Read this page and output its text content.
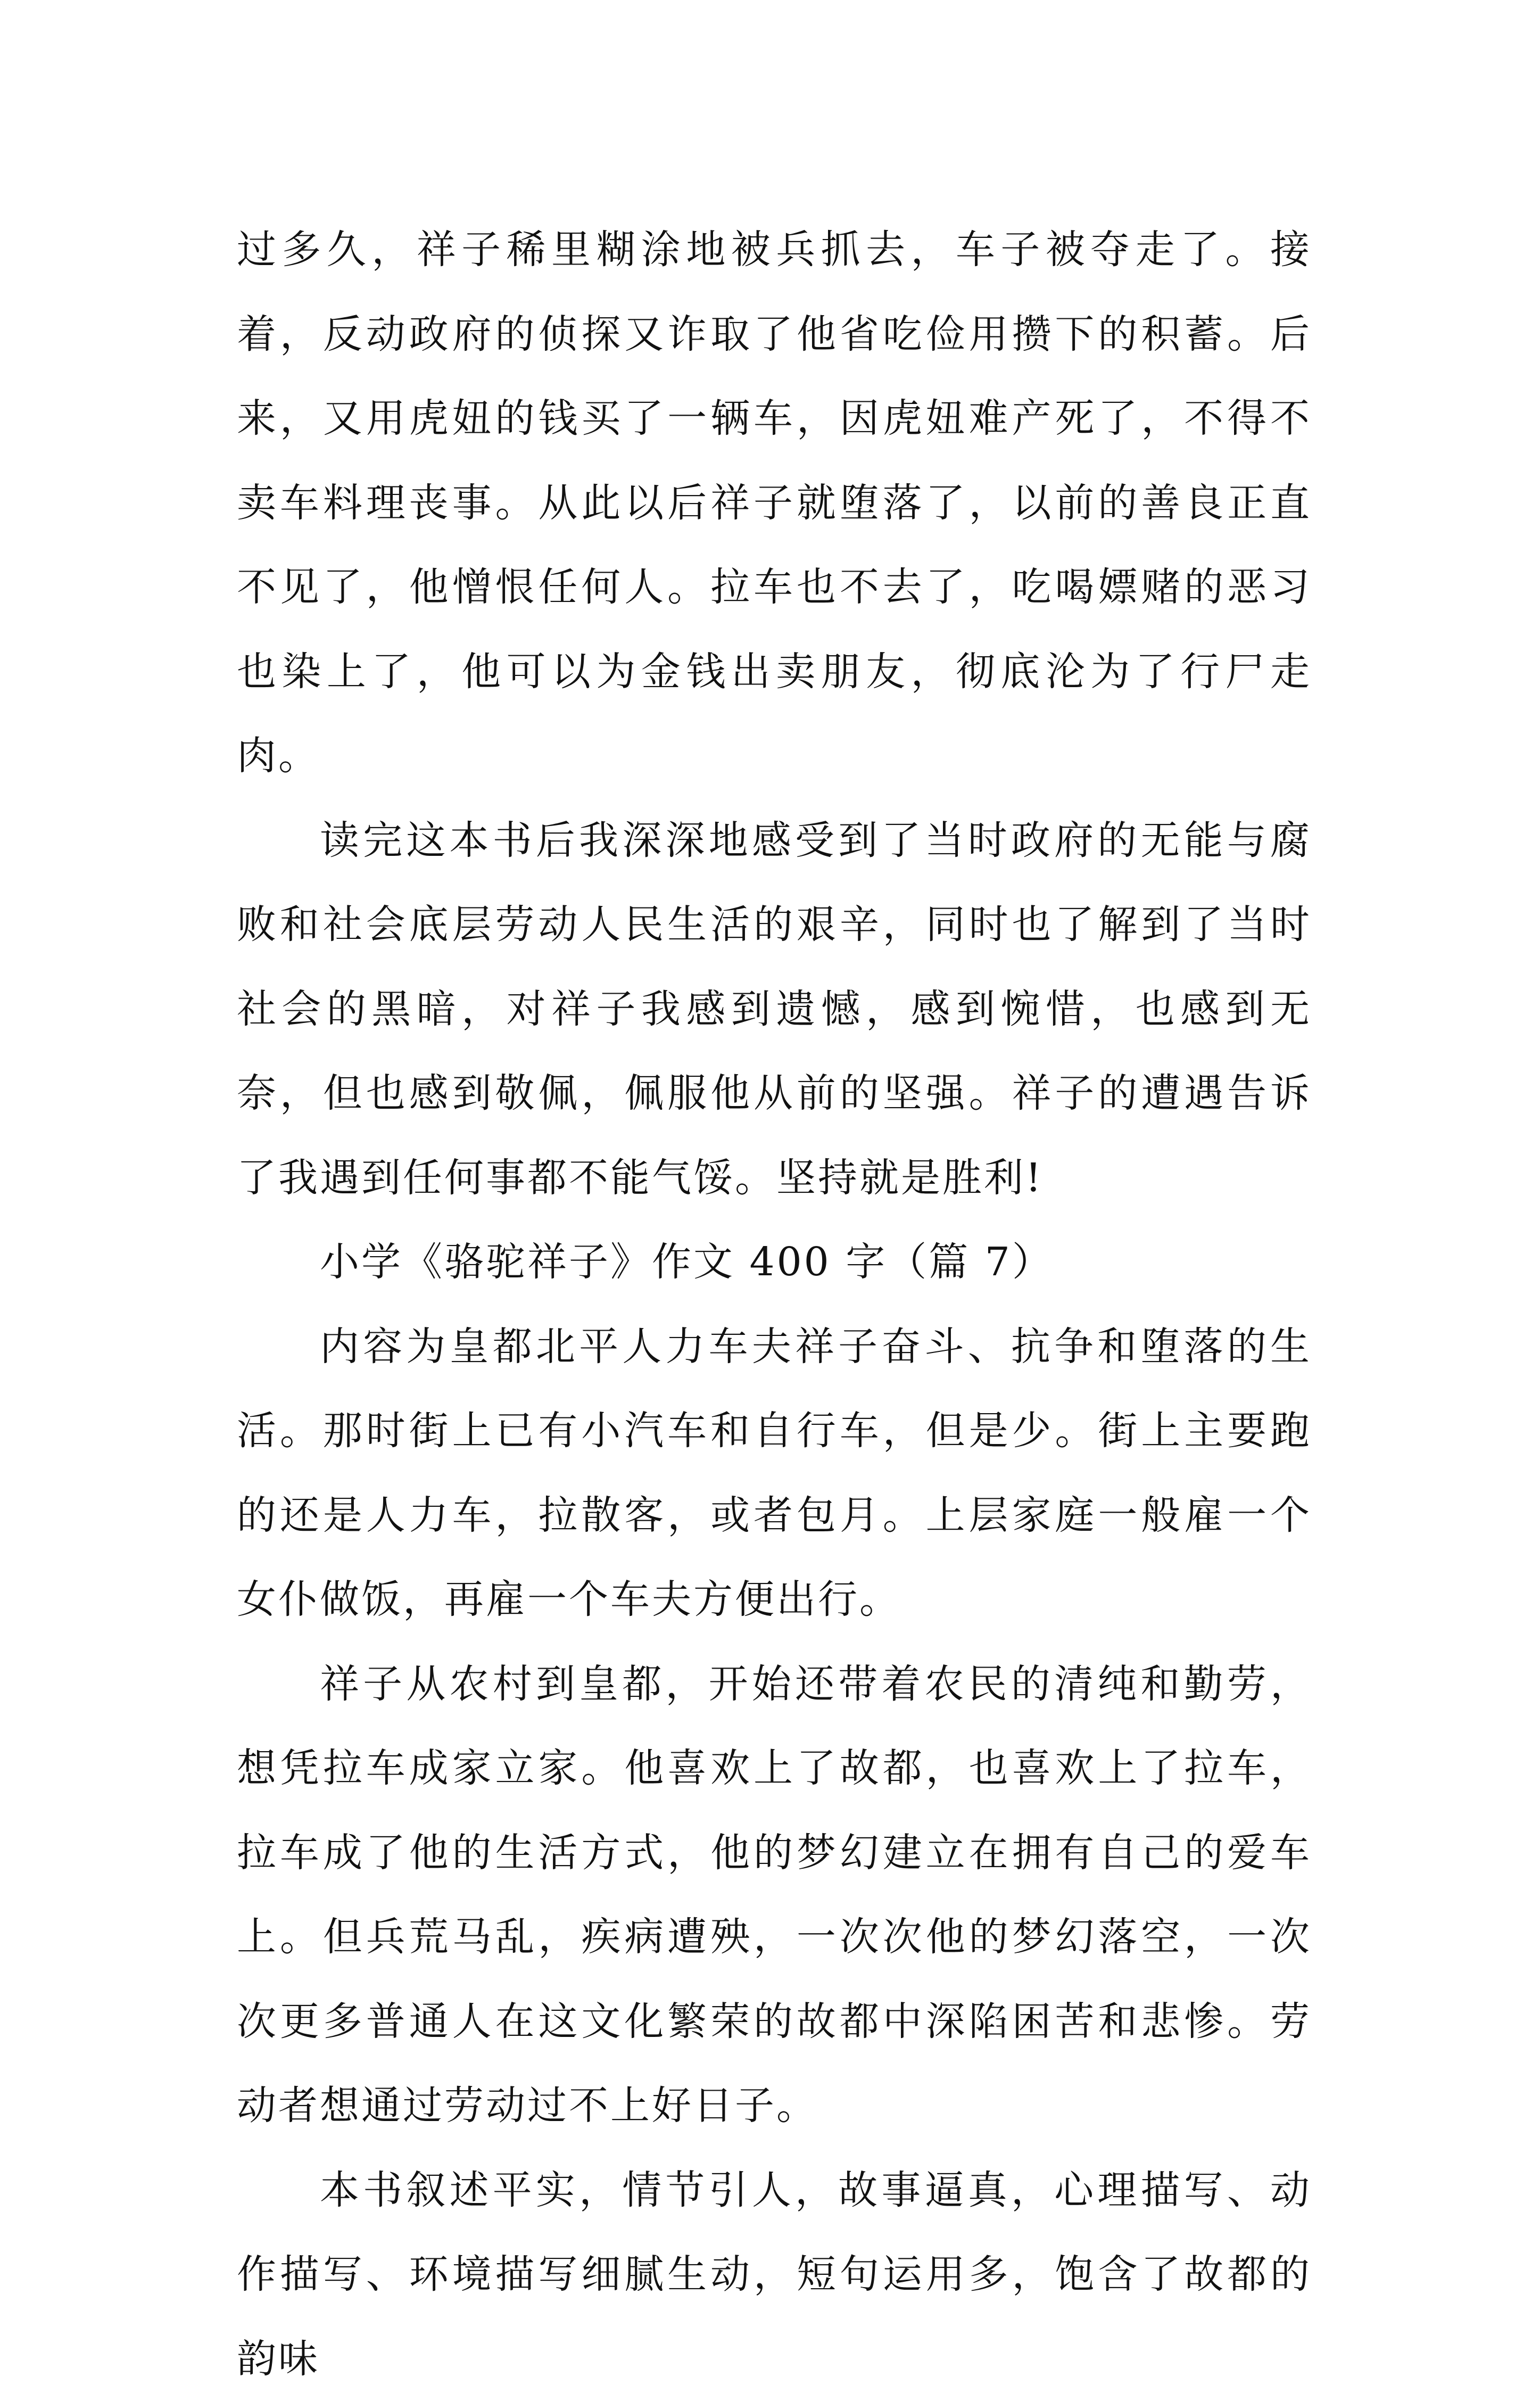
过多久，祥子稀里糊涂地被兵抓去，车子被夺走了。接着，反动政府的侦探又诈取了他省吃俭用攒下的积蓄。后来，又用虎妞的钱买了一辆车，因虎妞难产死了，不得不卖车料理丧事。从此以后祥子就堕落了，以前的善良正直不见了，他憎恨任何人。拉车也不去了，吃喝嫖赌的恶习也染上了，他可以为金钱出卖朋友，彻底沦为了行尸走肉。

读完这本书后我深深地感受到了当时政府的无能与腐败和社会底层劳动人民生活的艰辛，同时也了解到了当时社会的黑暗，对祥子我感到遗憾，感到惋惜，也感到无奈，但也感到敬佩，佩服他从前的坚强。祥子的遭遇告诉了我遇到任何事都不能气馁。坚持就是胜利!

小学《骆驼祥子》作文 400 字（篇 7）

内容为皇都北平人力车夫祥子奋斗、抗争和堕落的生活。那时街上已有小汽车和自行车，但是少。街上主要跑的还是人力车，拉散客，或者包月。上层家庭一般雇一个女仆做饭，再雇一个车夫方便出行。

祥子从农村到皇都，开始还带着农民的清纯和勤劳，想凭拉车成家立家。他喜欢上了故都，也喜欢上了拉车，拉车成了他的生活方式，他的梦幻建立在拥有自己的爱车上。但兵荒马乱，疾病遭殃，一次次他的梦幻落空，一次次更多普通人在这文化繁荣的故都中深陷困苦和悲惨。劳动者想通过劳动过不上好日子。

本书叙述平实，情节引人，故事逼真，心理描写、动作描写、环境描写细腻生动，短句运用多，饱含了故都的韵味
